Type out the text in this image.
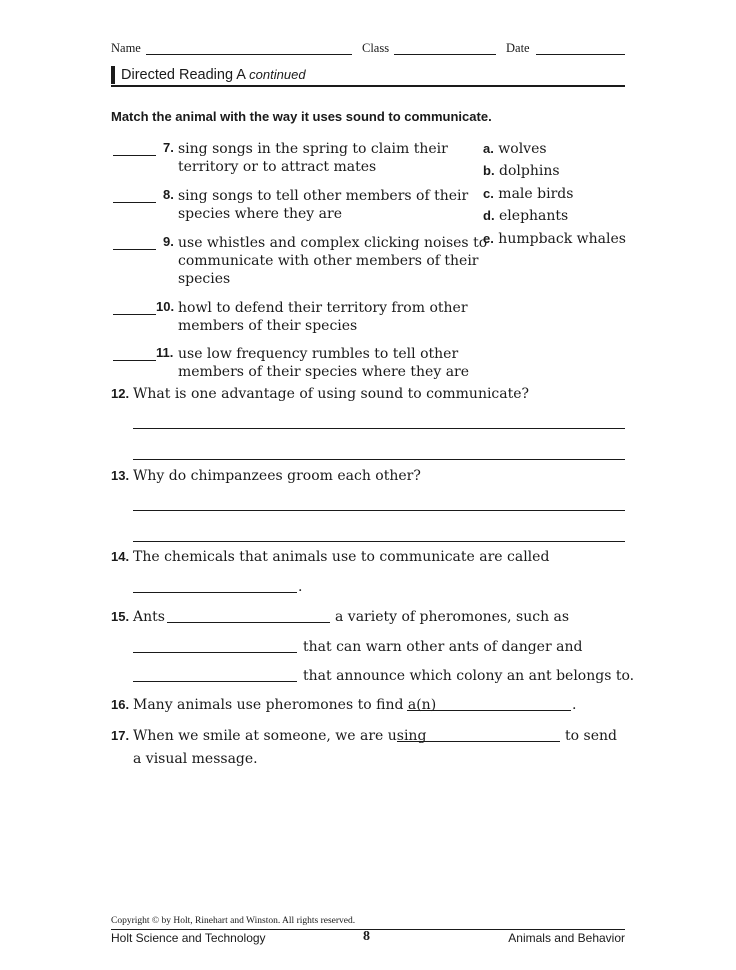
Name	Class	Date
Directed Reading A continued
Match the animal with the way it uses sound to communicate.
7. sing songs in the spring to claim their
territory or to attract mates
8. sing songs to tell other members of their
species where they are
9. use whistles and complex clicking noises to
communicate with other members of their
species
10. howl to defend their territory from other
members of their species
11. use low frequency rumbles to tell other
members of their species where they are
a. wolves
b. dolphins
c. male birds
d. elephants
e. humpback whales
12. What is one advantage of using sound to communicate?
13. Why do chimpanzees groom each other?
14. The chemicals that animals use to communicate are called
.
15. Ants	a variety of pheromones, such as
that can warn other ants of danger and
that announce which colony an ant belongs to.
16. Many animals use pheromones to find a(n)	.
17. When we smile at someone, we are using	to send
a visual message.
Copyright © by Holt, Rinehart and Winston. All rights reserved.
Holt Science and Technology	8	Animals and Behavior
